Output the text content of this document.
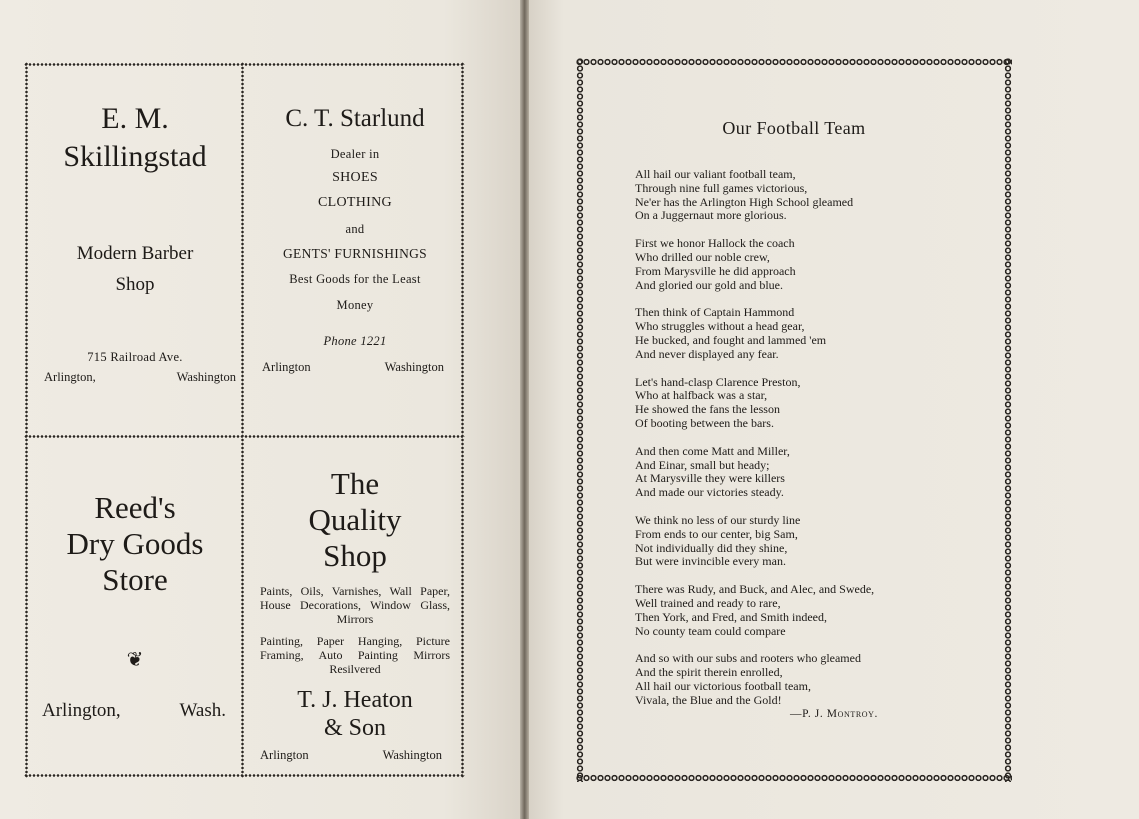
E. M.
Skillingstad
Modern Barber
Shop
715 Railroad Ave.
Arlington,	Washington
C. T. Starlund
Dealer in
SHOES
CLOTHING
and
GENTS' FURNISHINGS
Best Goods for the Least
Money
Phone 1221
Arlington	Washington
Reed's
Dry Goods
Store
❦
Arlington,	Wash.
The
Quality
Shop
Paints, Oils, Varnishes, Wall Paper, House Decorations, Window Glass, Mirrors
Painting, Paper Hanging, Picture Framing, Auto Painting Mirrors Resilvered
T. J. Heaton
& Son
Arlington	Washington
Our Football Team
All hail our valiant football team,
Through nine full games victorious,
Ne'er has the Arlington High School gleamed
On a Juggernaut more glorious.
First we honor Hallock the coach
Who drilled our noble crew,
From Marysville he did approach
And gloried our gold and blue.
Then think of Captain Hammond
Who struggles without a head gear,
He bucked, and fought and lammed 'em
And never displayed any fear.
Let's hand-clasp Clarence Preston,
Who at halfback was a star,
He showed the fans the lesson
Of booting between the bars.
And then come Matt and Miller,
And Einar, small but heady;
At Marysville they were killers
And made our victories steady.
We think no less of our sturdy line
From ends to our center, big Sam,
Not individually did they shine,
But were invincible every man.
There was Rudy, and Buck, and Alec, and Swede,
Well trained and ready to rare,
Then York, and Fred, and Smith indeed,
No county team could compare
And so with our subs and rooters who gleamed
And the spirit therein enrolled,
All hail our victorious football team,
Vivala, the Blue and the Gold!
—P. J. Montroy.
